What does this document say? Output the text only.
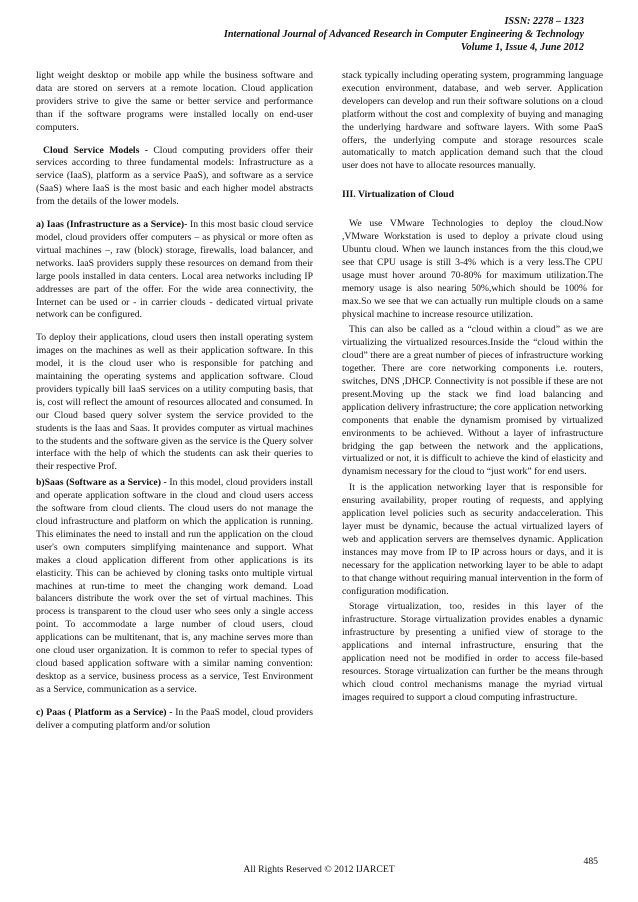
ISSN: 2278 – 1323
International Journal of Advanced Research in Computer Engineering & Technology
Volume 1, Issue 4, June 2012

light weight desktop or mobile app while the business software and data are stored on servers at a remote location. Cloud application providers strive to give the same or better service and performance than if the software programs were installed locally on end-user computers.

Cloud Service Models - Cloud computing providers offer their services according to three fundamental models: Infrastructure as a service (IaaS), platform as a service PaaS), and software as a service (SaaS) where IaaS is the most basic and each higher model abstracts from the details of the lower models.

a) Iaas (Infrastructure as a Service)- In this most basic cloud service model, cloud providers offer computers – as physical or more often as virtual machines –, raw (block) storage, firewalls, load balancer, and networks. IaaS providers supply these resources on demand from their large pools installed in data centers. Local area networks including IP addresses are part of the offer. For the wide area connectivity, the Internet can be used or - in carrier clouds - dedicated virtual private network can be configured.

To deploy their applications, cloud users then install operating system images on the machines as well as their application software. In this model, it is the cloud user who is responsible for patching and maintaining the operating systems and application software. Cloud providers typically bill IaaS services on a utility computing basis, that is, cost will reflect the amount of resources allocated and consumed. In our Cloud based query solver system the service provided to the students is the Iaas and Saas. It provides computer as virtual machines to the students and the software given as the service is the Query solver interface with the help of which the students can ask their queries to their respective Prof.

b)Saas (Software as a Service) - In this model, cloud providers install and operate application software in the cloud and cloud users access the software from cloud clients. The cloud users do not manage the cloud infrastructure and platform on which the application is running. This eliminates the need to install and run the application on the cloud user's own computers simplifying maintenance and support. What makes a cloud application different from other applications is its elasticity. This can be achieved by cloning tasks onto multiple virtual machines at run-time to meet the changing work demand. Load balancers distribute the work over the set of virtual machines. This process is transparent to the cloud user who sees only a single access point. To accommodate a large number of cloud users, cloud applications can be multitenant, that is, any machine serves more than one cloud user organization. It is common to refer to special types of cloud based application software with a similar naming convention: desktop as a service, business process as a service, Test Environment as a Service, communication as a service.

c) Paas ( Platform as a Service) - In the PaaS model, cloud providers deliver a computing platform and/or solution

stack typically including operating system, programming language execution environment, database, and web server. Application developers can develop and run their software solutions on a cloud platform without the cost and complexity of buying and managing the underlying hardware and software layers. With some PaaS offers, the underlying compute and storage resources scale automatically to match application demand such that the cloud user does not have to allocate resources manually.

III. Virtualization of Cloud

We use VMware Technologies to deploy the cloud.Now ,VMware Workstation is used to deploy a private cloud using Ubuntu cloud. When we launch instances from the this cloud,we see that CPU usage is still 3-4% which is a very less.The CPU usage must hover around 70-80% for maximum utilization.The memory usage is also nearing 50%,which should be 100% for max.So we see that we can actually run multiple clouds on a same physical machine to increase resource utilization.

This can also be called as a “cloud within a cloud” as we are virtualizing the virtualized resources.Inside the “cloud within the cloud” there are a great number of pieces of infrastructure working together. There are core networking components i.e. routers, switches, DNS ,DHCP. Connectivity is not possible if these are not present.Moving up the stack we find load balancing and application delivery infrastructure; the core application networking components that enable the dynamism promised by virtualized environments to be achieved. Without a layer of infrastructure bridging the gap between the network and the applications, virtualized or not, it is difficult to achieve the kind of elasticity and dynamism necessary for the cloud to “just work” for end users.

It is the application networking layer that is responsible for ensuring availability, proper routing of requests, and applying application level policies such as security andacceleration. This layer must be dynamic, because the actual virtualized layers of web and application servers are themselves dynamic. Application instances may move from IP to IP across hours or days, and it is necessary for the application networking layer to be able to adapt to that change without requiring manual intervention in the form of configuration modification.

Storage virtualization, too, resides in this layer of the infrastructure. Storage virtualization provides enables a dynamic infrastructure by presenting a unified view of storage to the applications and internal infrastructure, ensuring that the application need not be modified in order to access file-based resources. Storage virtualization can further be the means through which cloud control mechanisms manage the myriad virtual images required to support a cloud computing infrastructure.

485
All Rights Reserved © 2012 IJARCET
